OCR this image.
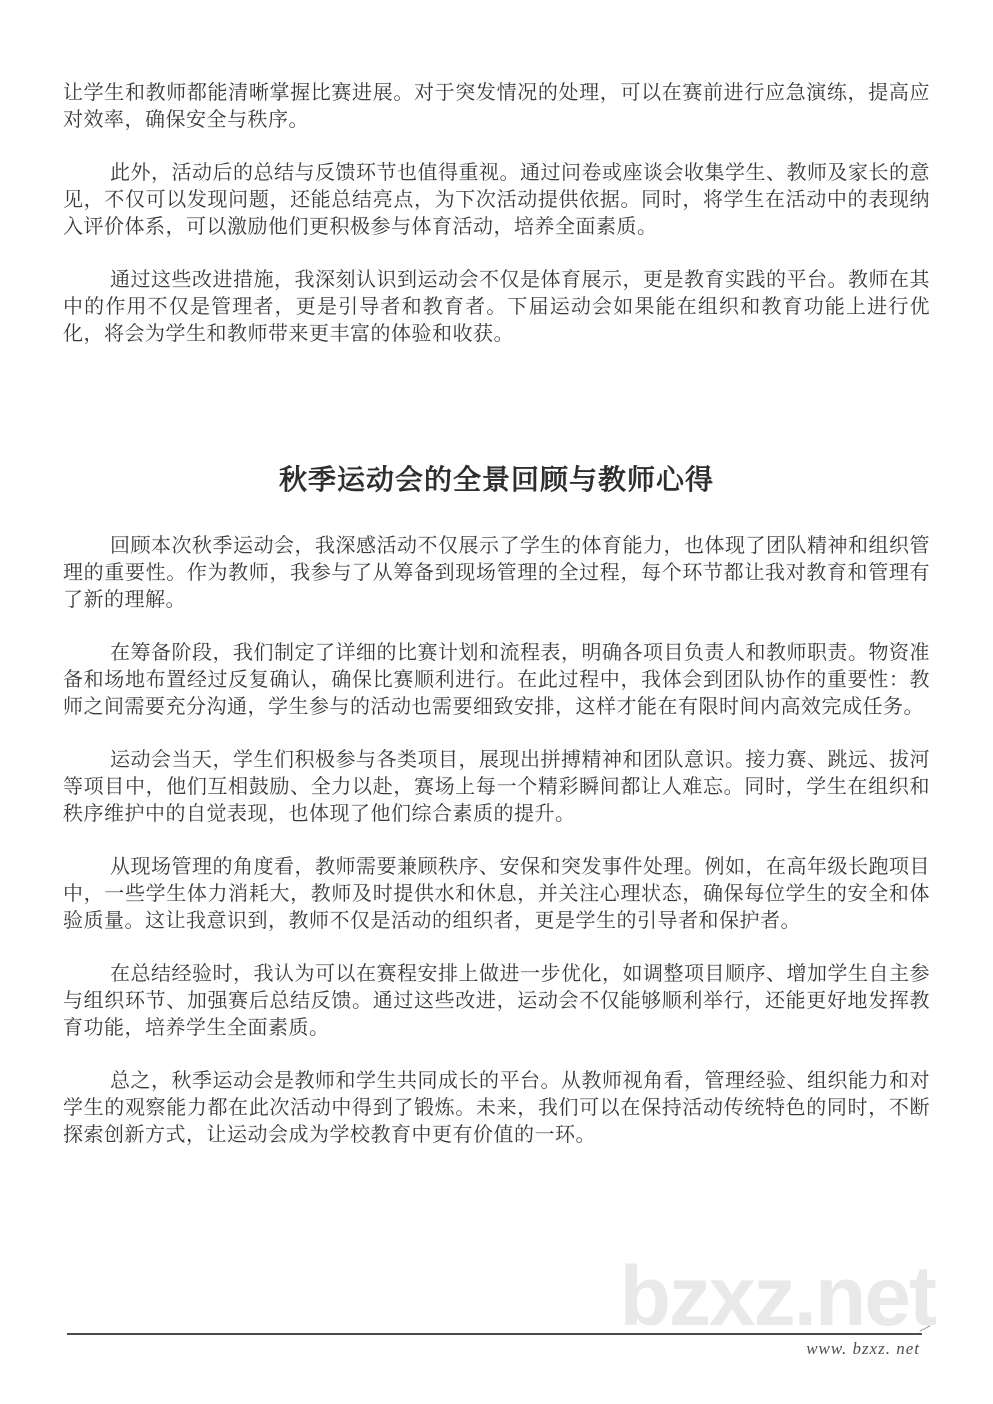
让学生和教师都能清晰掌握比赛进展。对于突发情况的处理，可以在赛前进行应急演练，提高应对效率，确保安全与秩序。

此外，活动后的总结与反馈环节也值得重视。通过问卷或座谈会收集学生、教师及家长的意见，不仅可以发现问题，还能总结亮点，为下次活动提供依据。同时，将学生在活动中的表现纳入评价体系，可以激励他们更积极参与体育活动，培养全面素质。

通过这些改进措施，我深刻认识到运动会不仅是体育展示，更是教育实践的平台。教师在其中的作用不仅是管理者，更是引导者和教育者。下届运动会如果能在组织和教育功能上进行优化，将会为学生和教师带来更丰富的体验和收获。

秋季运动会的全景回顾与教师心得

回顾本次秋季运动会，我深感活动不仅展示了学生的体育能力，也体现了团队精神和组织管理的重要性。作为教师，我参与了从筹备到现场管理的全过程，每个环节都让我对教育和管理有了新的理解。

在筹备阶段，我们制定了详细的比赛计划和流程表，明确各项目负责人和教师职责。物资准备和场地布置经过反复确认，确保比赛顺利进行。在此过程中，我体会到团队协作的重要性：教师之间需要充分沟通，学生参与的活动也需要细致安排，这样才能在有限时间内高效完成任务。

运动会当天，学生们积极参与各类项目，展现出拼搏精神和团队意识。接力赛、跳远、拔河等项目中，他们互相鼓励、全力以赴，赛场上每一个精彩瞬间都让人难忘。同时，学生在组织和秩序维护中的自觉表现，也体现了他们综合素质的提升。

从现场管理的角度看，教师需要兼顾秩序、安保和突发事件处理。例如，在高年级长跑项目中，一些学生体力消耗大，教师及时提供水和休息，并关注心理状态，确保每位学生的安全和体验质量。这让我意识到，教师不仅是活动的组织者，更是学生的引导者和保护者。

在总结经验时，我认为可以在赛程安排上做进一步优化，如调整项目顺序、增加学生自主参与组织环节、加强赛后总结反馈。通过这些改进，运动会不仅能够顺利举行，还能更好地发挥教育功能，培养学生全面素质。

总之，秋季运动会是教师和学生共同成长的平台。从教师视角看，管理经验、组织能力和对学生的观察能力都在此次活动中得到了锻炼。未来，我们可以在保持活动传统特色的同时，不断探索创新方式，让运动会成为学校教育中更有价值的一环。

bzxz.net
www. bzxz. net
